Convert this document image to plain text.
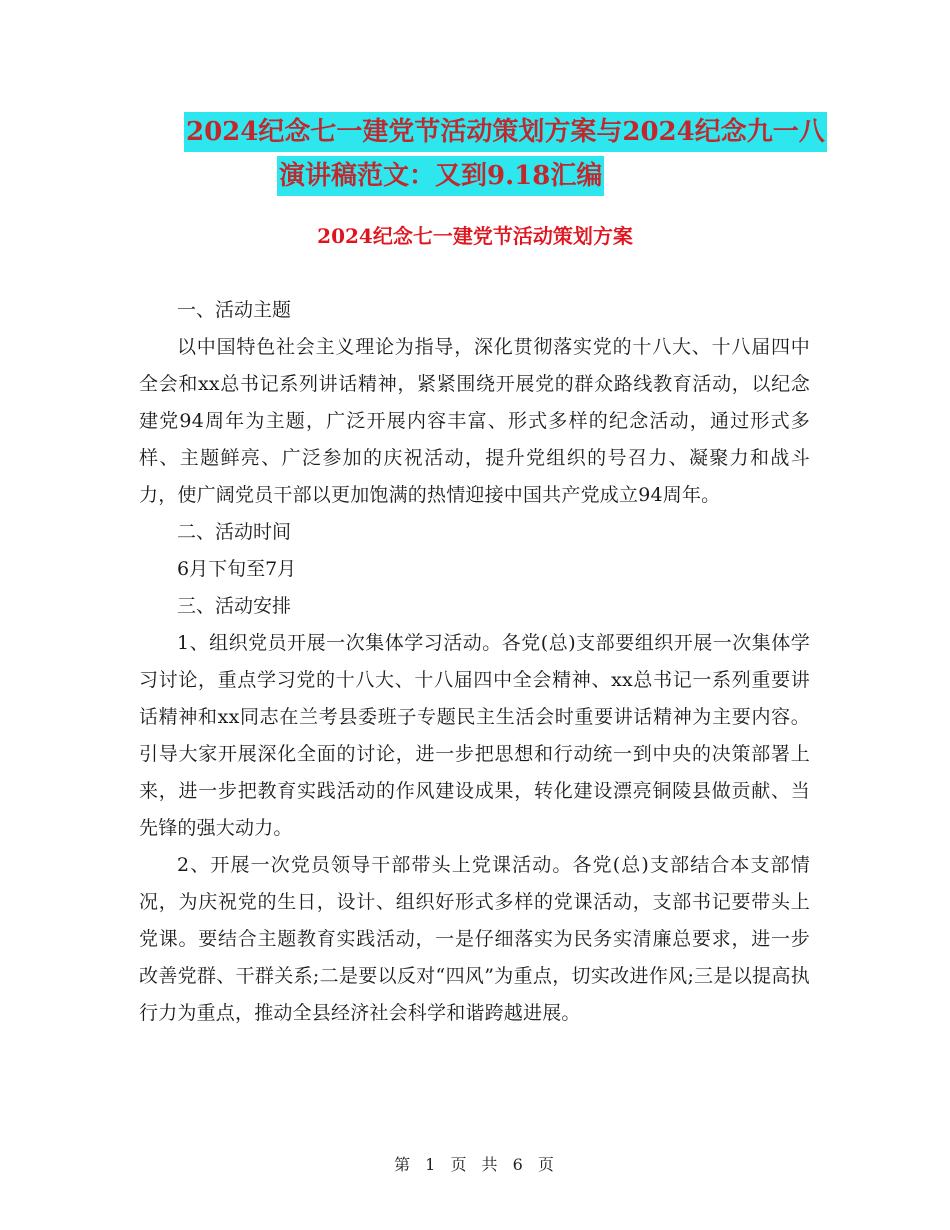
2024纪念七一建党节活动策划方案与2024纪念九一八
演讲稿范文：又到9.18汇编
2024纪念七一建党节活动策划方案

一、活动主题

以中国特色社会主义理论为指导，深化贯彻落实党的十八大、十八届四中全会和xx总书记系列讲话精神，紧紧围绕开展党的群众路线教育活动，以纪念建党94周年为主题，广泛开展内容丰富、形式多样的纪念活动，通过形式多样、主题鲜亮、广泛参加的庆祝活动，提升党组织的号召力、凝聚力和战斗力，使广阔党员干部以更加饱满的热情迎接中国共产党成立94周年。

二、活动时间

6月下旬至7月

三、活动安排

1、组织党员开展一次集体学习活动。各党(总)支部要组织开展一次集体学习讨论，重点学习党的十八大、十八届四中全会精神、xx总书记一系列重要讲话精神和xx同志在兰考县委班子专题民主生活会时重要讲话精神为主要内容。引导大家开展深化全面的讨论，进一步把思想和行动统一到中央的决策部署上来，进一步把教育实践活动的作风建设成果，转化建设漂亮铜陵县做贡献、当先锋的强大动力。

2、开展一次党员领导干部带头上党课活动。各党(总)支部结合本支部情况，为庆祝党的生日，设计、组织好形式多样的党课活动，支部书记要带头上党课。要结合主题教育实践活动，一是仔细落实为民务实清廉总要求，进一步改善党群、干群关系;二是要以反对“四风”为重点，切实改进作风;三是以提高执行力为重点，推动全县经济社会科学和谐跨越进展。

第 1 页 共 6 页
